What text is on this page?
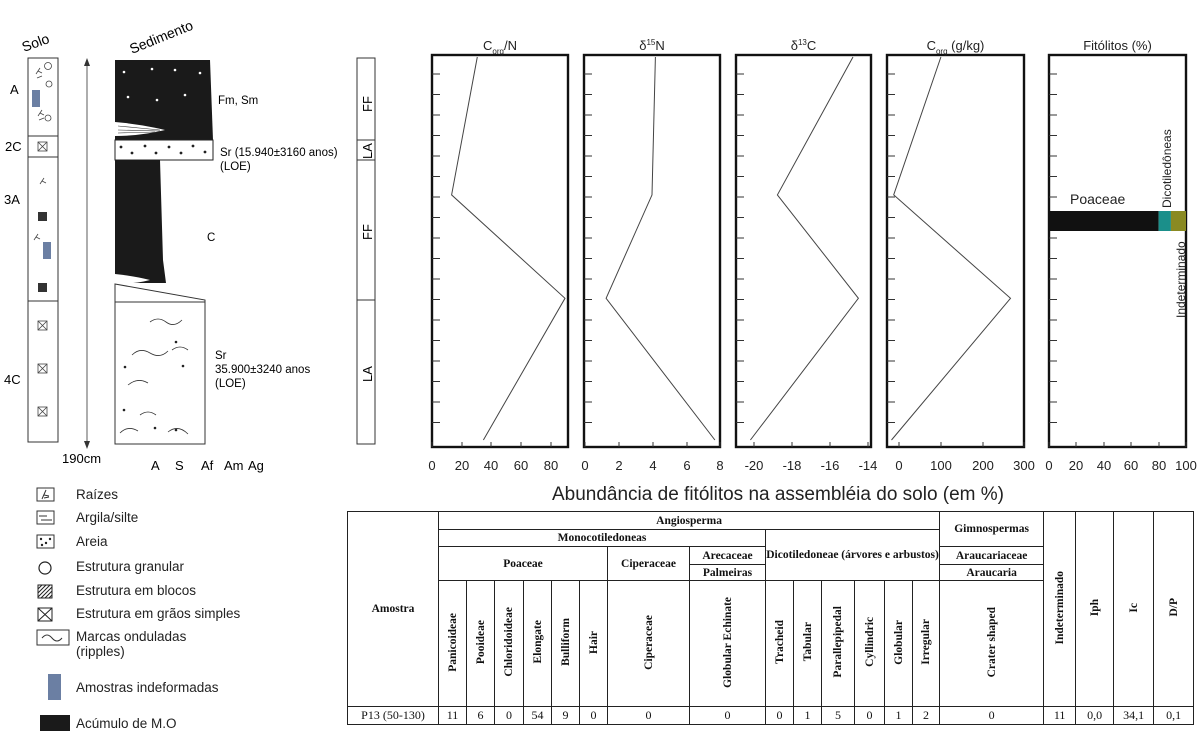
Solo
A
2C
3A
4C
190cm
Sedimento
Fm, Sm
Sr (15.940±3160 anos)
(LOE)
C
Sr
35.900±3240 anos
(LOE)
A S Af Am Ag
FF
LA
FF
LA
$C_{org}/N$
0 20 40 60 80
$\delta^{15}N$
0 2 4 6 8
$\delta^{13}C$
-20 -18 -16 -14
$C_{org}$ (g/kg)
0 100 200 300
Fitólitos (%)
0 20 40 60 80 100
Poaceae	Dicotiledôneas
Indeterminado
Abundância de fitólitos na assembléia do solo (em %)
Raízes
Argila/silte
Areia
Estrutura granular
Estrutura em blocos
Estrutura em grãos simples
Marcas onduladas
(ripples)
Amostras indeformadas
Acúmulo de M.O
Amostra	Angiosperma														Gimnospermas	Indeterminado	Iph	Ic	D/P
	Monocotiledoneas								Dicotiledoneae (árvores e arbustos)										
	Poaceae						Ciperaceae	Arecaceae							Araucariaceae				
								Palmeiras							Araucaria				
	Panicoideae	Pooideae	Chloridoideae	Elongate	Bulliform	Hair	Ciperaceae	Globular Echinate	Tracheid	Tabular	Parallepipedal	Cyllindric	Globular	Irregular	Crater shaped				
P13 (50-130)	11	6	0	54	9	0	0	0	0	1	5	0	1	2	0	11	0,0	34,1	0,1
